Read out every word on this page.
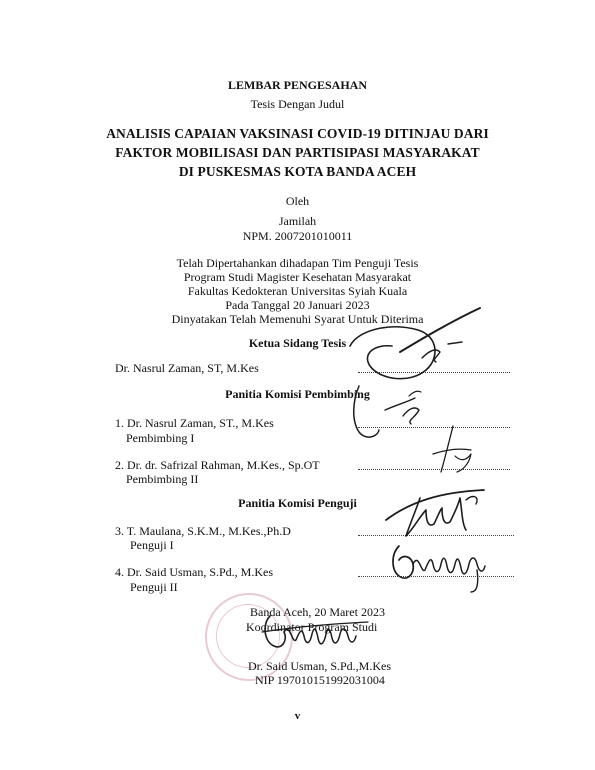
LEMBAR PENGESAHAN
Tesis Dengan Judul
ANALISIS CAPAIAN VAKSINASI COVID-19 DITINJAU DARI
FAKTOR MOBILISASI DAN PARTISIPASI MASYARAKAT
DI PUSKESMAS KOTA BANDA ACEH
Oleh
Jamilah
NPM. 2007201010011
Telah Dipertahankan dihadapan Tim Penguji Tesis
Program Studi Magister Kesehatan Masyarakat
Fakultas Kedokteran Universitas Syiah Kuala
Pada Tanggal 20 Januari 2023
Dinyatakan Telah Memenuhi Syarat Untuk Diterima
Ketua Sidang Tesis
Dr. Nasrul Zaman, ST, M.Kes
Panitia Komisi Pembimbing
1. Dr. Nasrul Zaman, ST., M.Kes
Pembimbing I
2. Dr. dr. Safrizal Rahman, M.Kes., Sp.OT
Pembimbing II
Panitia Komisi Penguji
3. T. Maulana, S.K.M., M.Kes.,Ph.D
Penguji I
4. Dr. Said Usman, S.Pd., M.Kes
Penguji II
Banda Aceh, 20 Maret 2023
Koordinator Program Studi
Dr. Said Usman, S.Pd.,M.Kes
NIP 197010151992031004
v
